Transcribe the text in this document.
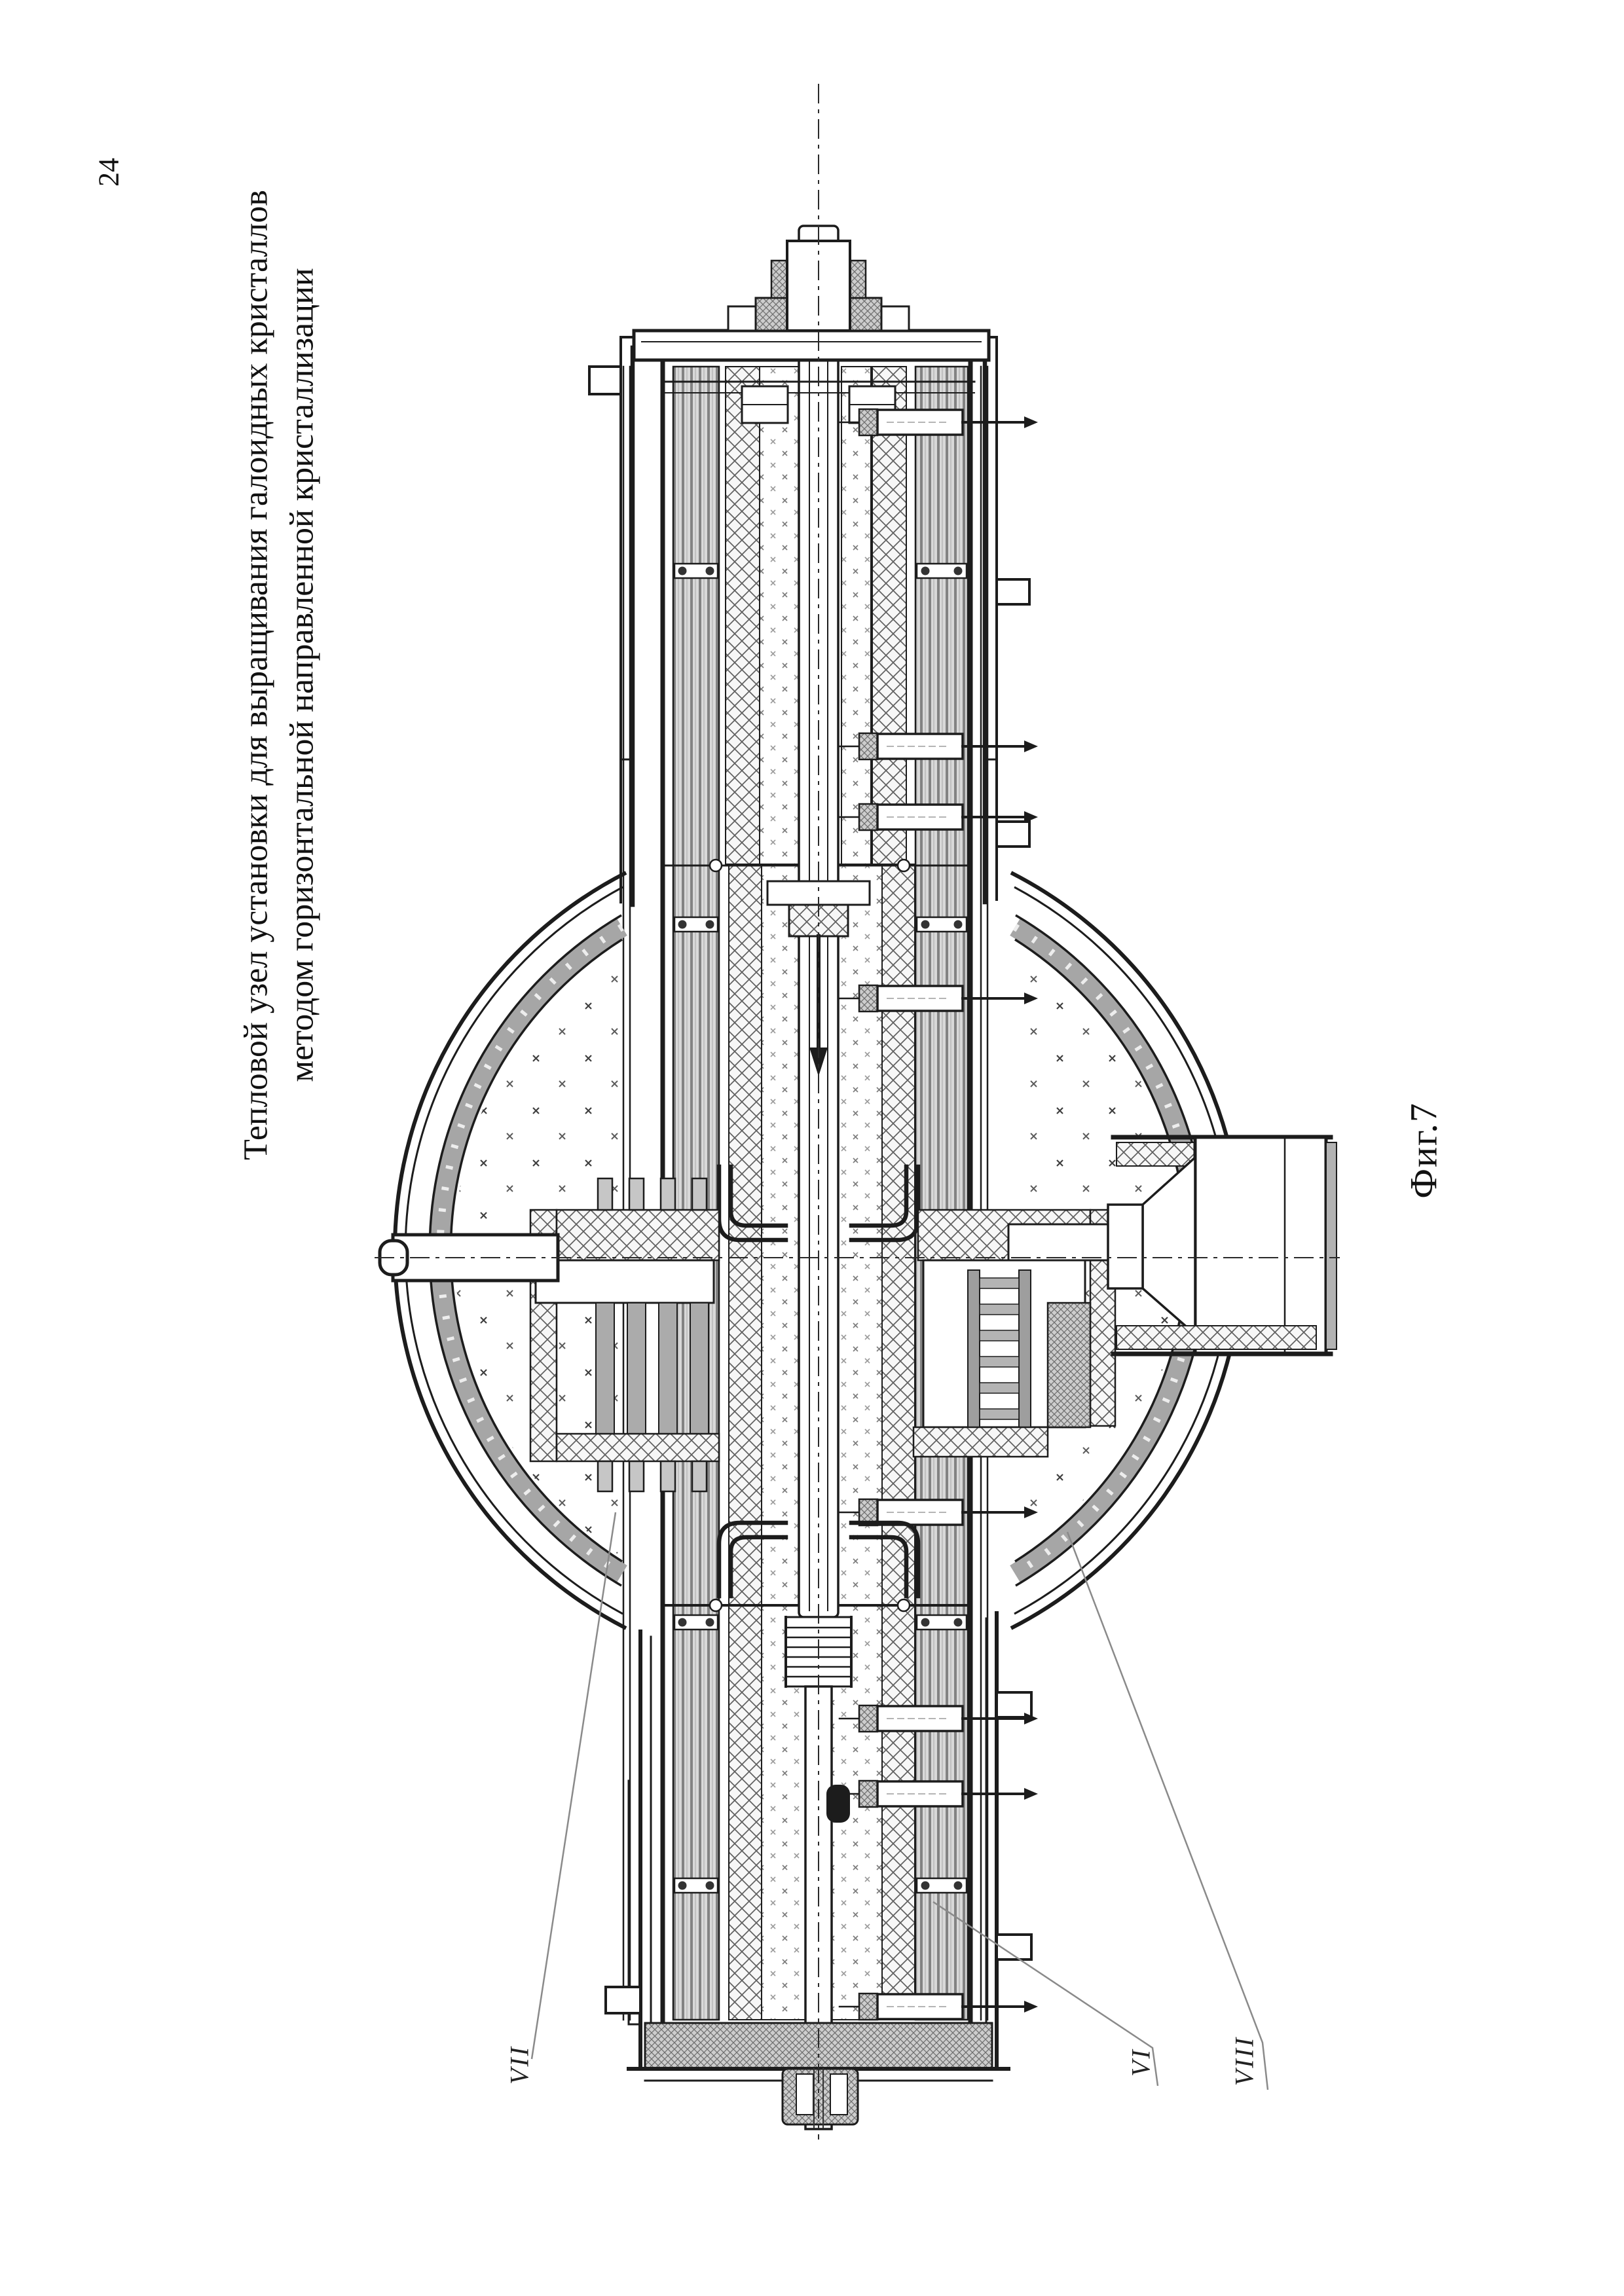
24
Тепловой узел установки для выращивания галоидных кристаллов методом горизонтальной направленной кристаллизации
VII	VI	VIII
Фиг.7
